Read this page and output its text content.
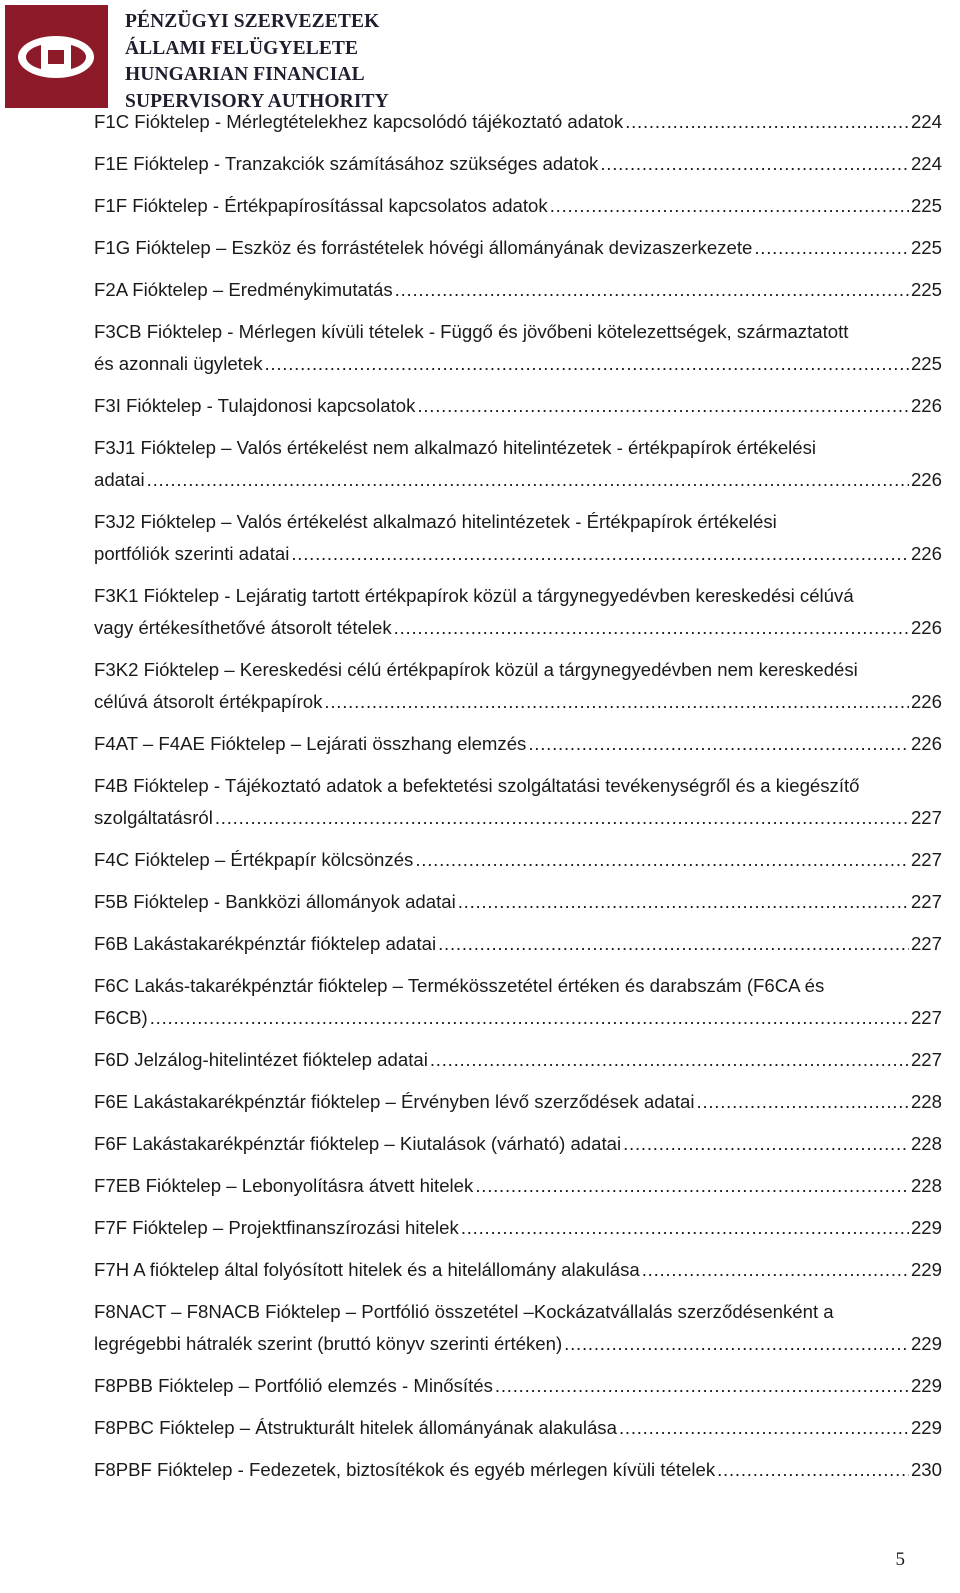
PÉNZÜGYI SZERVEZETEK
ÁLLAMI FELÜGYELETE
HUNGARIAN FINANCIAL
SUPERVISORY AUTHORITY
F1C Fióktelep - Mérlegtételekhez kapcsolódó tájékoztató adatok . . .	224
F1E Fióktelep - Tranzakciók számításához szükséges adatok . . .	224
F1F Fióktelep - Értékpapírosítással kapcsolatos adatok . . .	225
F1G Fióktelep – Eszköz és forrástételek hóvégi állományának devizaszerkezete . . .	225
F2A Fióktelep – Eredménykimutatás . . .	225
F3CB Fióktelep - Mérlegen kívüli tételek - Függő és jövőbeni kötelezettségek, származtatott
és azonnali ügyletek . . .	225
F3I Fióktelep - Tulajdonosi kapcsolatok . . .	226
F3J1 Fióktelep – Valós értékelést nem alkalmazó hitelintézetek - értékpapírok értékelési
adatai . . .	226
F3J2 Fióktelep – Valós értékelést alkalmazó hitelintézetek - Értékpapírok értékelési
portfóliók szerinti adatai . . .	226
F3K1 Fióktelep - Lejáratig tartott értékpapírok közül a tárgynegyedévben kereskedési célúvá
vagy értékesíthetővé átsorolt tételek . . .	226
F3K2 Fióktelep – Kereskedési célú értékpapírok közül a tárgynegyedévben nem kereskedési
célúvá átsorolt értékpapírok . . .	226
F4AT – F4AE Fióktelep – Lejárati összhang elemzés . . .	226
F4B Fióktelep - Tájékoztató adatok a befektetési szolgáltatási tevékenységről és a kiegészítő
szolgáltatásról . . .	227
F4C Fióktelep – Értékpapír kölcsönzés . . .	227
F5B Fióktelep - Bankközi állományok adatai . . .	227
F6B Lakástakarékpénztár fióktelep adatai . . .	227
F6C Lakás-takarékpénztár fióktelep – Termékösszetétel értéken és darabszám (F6CA és
F6CB) . . .	227
F6D Jelzálog-hitelintézet fióktelep adatai . . .	227
F6E Lakástakarékpénztár fióktelep – Érvényben lévő szerződések adatai . . .	228
F6F Lakástakarékpénztár fióktelep – Kiutalások (várható) adatai . . .	228
F7EB Fióktelep – Lebonyolításra átvett hitelek . . .	228
F7F Fióktelep – Projektfinanszírozási hitelek . . .	229
F7H A fióktelep által folyósított hitelek és a hitelállomány alakulása . . .	229
F8NACT – F8NACB Fióktelep – Portfólió összetétel –Kockázatvállalás szerződésenként a
legrégebbi hátralék szerint (bruttó könyv szerinti értéken) . . .	229
F8PBB Fióktelep – Portfólió elemzés - Minősítés . . .	229
F8PBC Fióktelep – Átstrukturált hitelek állományának alakulása . . .	229
F8PBF Fióktelep - Fedezetek, biztosítékok és egyéb mérlegen kívüli tételek . . .	230
5
